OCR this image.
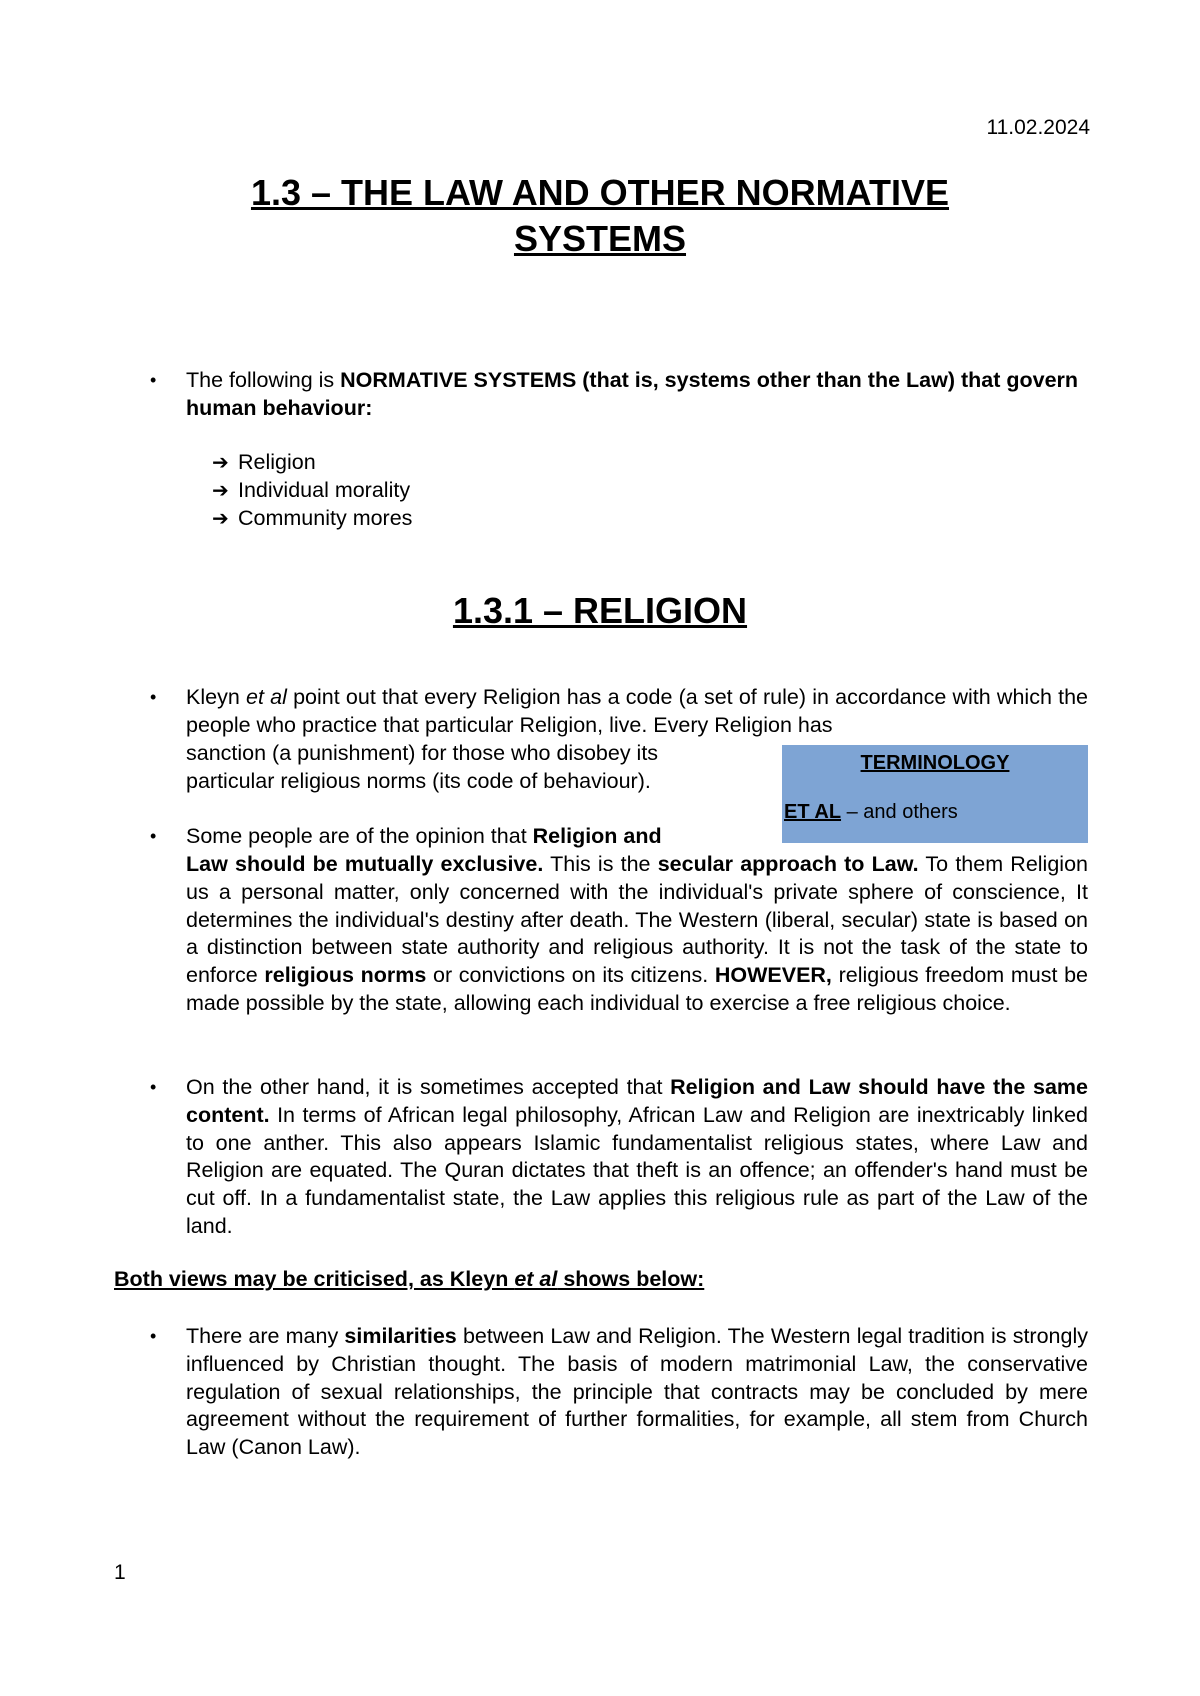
11.02.2024
1.3 – THE LAW AND OTHER NORMATIVE
SYSTEMS
• The following is NORMATIVE SYSTEMS (that is, systems other than the Law) that govern human behaviour:
➔ Religion
➔ Individual morality
➔ Community mores
1.3.1 – RELIGION
• Kleyn et al point out that every Religion has a code (a set of rule) in accordance with which the people who practice that particular Religion, live. Every Religion has
sanction (a punishment) for those who disobey its
particular religious norms (its code of behaviour).
TERMINOLOGY
ET AL – and others
• Some people are of the opinion that Religion and
Law should be mutually exclusive. This is the secular approach to Law. To them Religion us a personal matter, only concerned with the individual's private sphere of conscience, It determines the individual's destiny after death. The Western (liberal, secular) state is based on a distinction between state authority and religious authority. It is not the task of the state to enforce religious norms or convictions on its citizens. HOWEVER, religious freedom must be made possible by the state, allowing each individual to exercise a free religious choice.
• On the other hand, it is sometimes accepted that Religion and Law should have the same content. In terms of African legal philosophy, African Law and Religion are inextricably linked to one anther. This also appears Islamic fundamentalist religious states, where Law and Religion are equated. The Quran dictates that theft is an offence; an offender's hand must be cut off. In a fundamentalist state, the Law applies this religious rule as part of the Law of the land.
Both views may be criticised, as Kleyn et al shows below:
• There are many similarities between Law and Religion. The Western legal tradition is strongly influenced by Christian thought. The basis of modern matrimonial Law, the conservative regulation of sexual relationships, the principle that contracts may be concluded by mere agreement without the requirement of further formalities, for example, all stem from Church Law (Canon Law).
1
